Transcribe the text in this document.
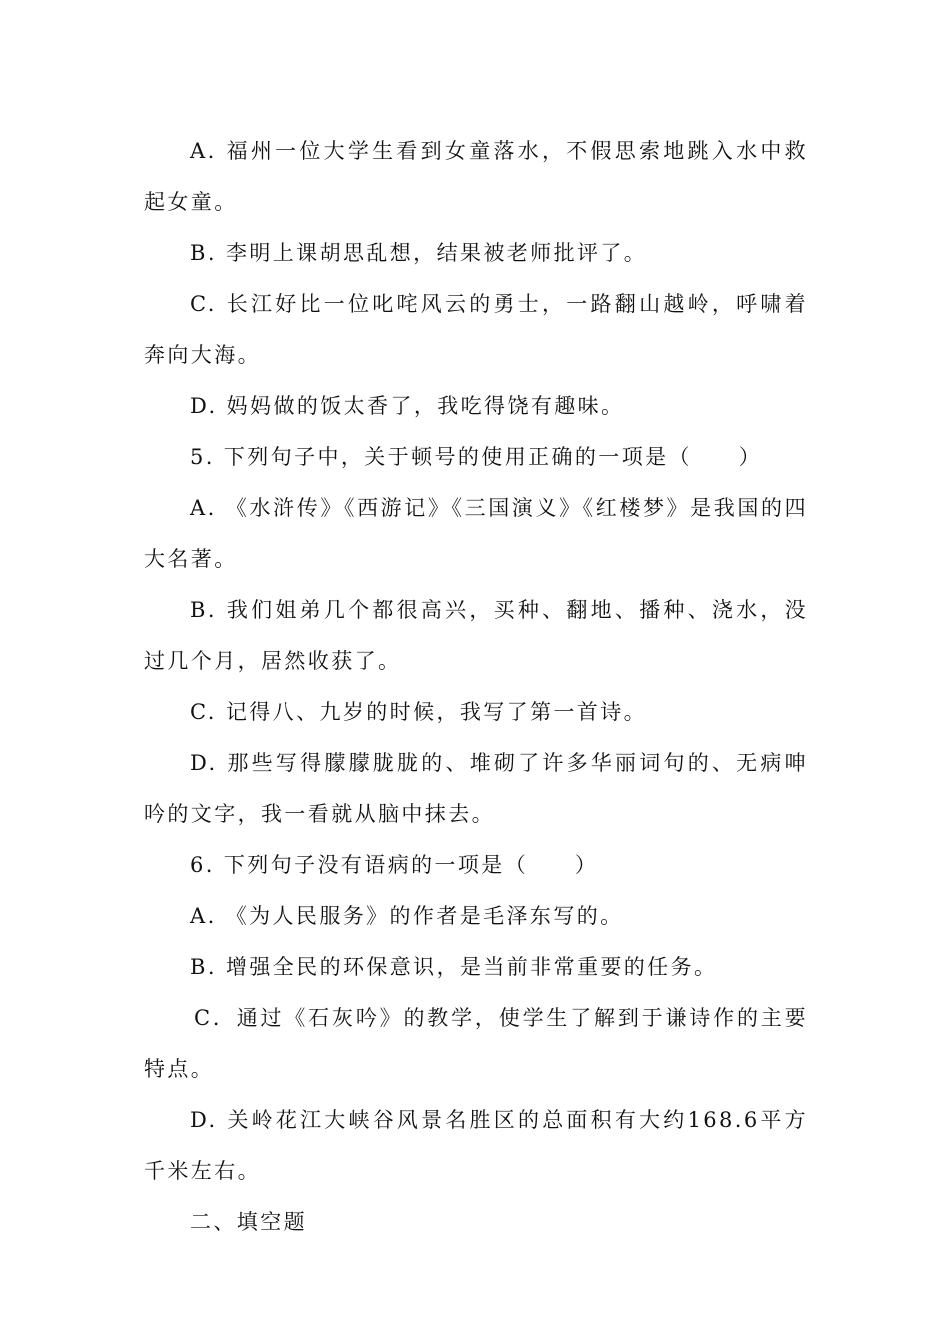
A. 福州一位大学生看到女童落水，不假思索地跳入水中救起女童。

B. 李明上课胡思乱想，结果被老师批评了。

C. 长江好比一位叱咤风云的勇士，一路翻山越岭，呼啸着奔向大海。

D. 妈妈做的饭太香了，我吃得饶有趣味。

5. 下列句子中，关于顿号的使用正确的一项是（　　）

A. 《水浒传》《西游记》《三国演义》《红楼梦》是我国的四大名著。

B. 我们姐弟几个都很高兴，买种、翻地、播种、浇水，没过几个月，居然收获了。

C. 记得八、九岁的时候，我写了第一首诗。

D. 那些写得朦朦胧胧的、堆砌了许多华丽词句的、无病呻吟的文字，我一看就从脑中抹去。

6. 下列句子没有语病的一项是（　　）

A. 《为人民服务》的作者是毛泽东写的。

B. 增强全民的环保意识，是当前非常重要的任务。

C．通过《石灰吟》的教学，使学生了解到于谦诗作的主要特点。

D. 关岭花江大峡谷风景名胜区的总面积有大约168.6平方千米左右。

二、填空题
